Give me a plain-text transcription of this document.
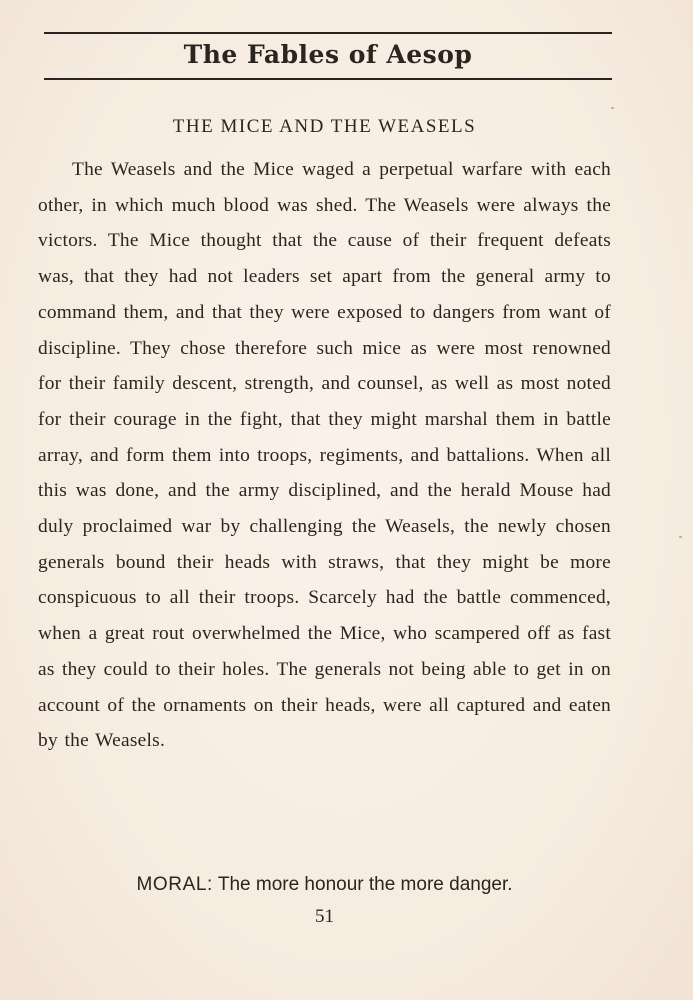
The Fables of Aesop
THE MICE AND THE WEASELS

The Weasels and the Mice waged a perpetual warfare with each other, in which much blood was shed. The Weasels were always the victors. The Mice thought that the cause of their frequent defeats was, that they had not leaders set apart from the general army to command them, and that they were exposed to dangers from want of discipline. They chose therefore such mice as were most renowned for their family descent, strength, and counsel, as well as most noted for their courage in the fight, that they might marshal them in battle array, and form them into troops, regiments, and battalions. When all this was done, and the army disciplined, and the herald Mouse had duly proclaimed war by challenging the Weasels, the newly chosen generals bound their heads with straws, that they might be more conspicuous to all their troops. Scarcely had the battle commenced, when a great rout overwhelmed the Mice, who scampered off as fast as they could to their holes. The generals not being able to get in on account of the ornaments on their heads, were all captured and eaten by the Weasels.

MORAL: The more honour the more danger.
51
